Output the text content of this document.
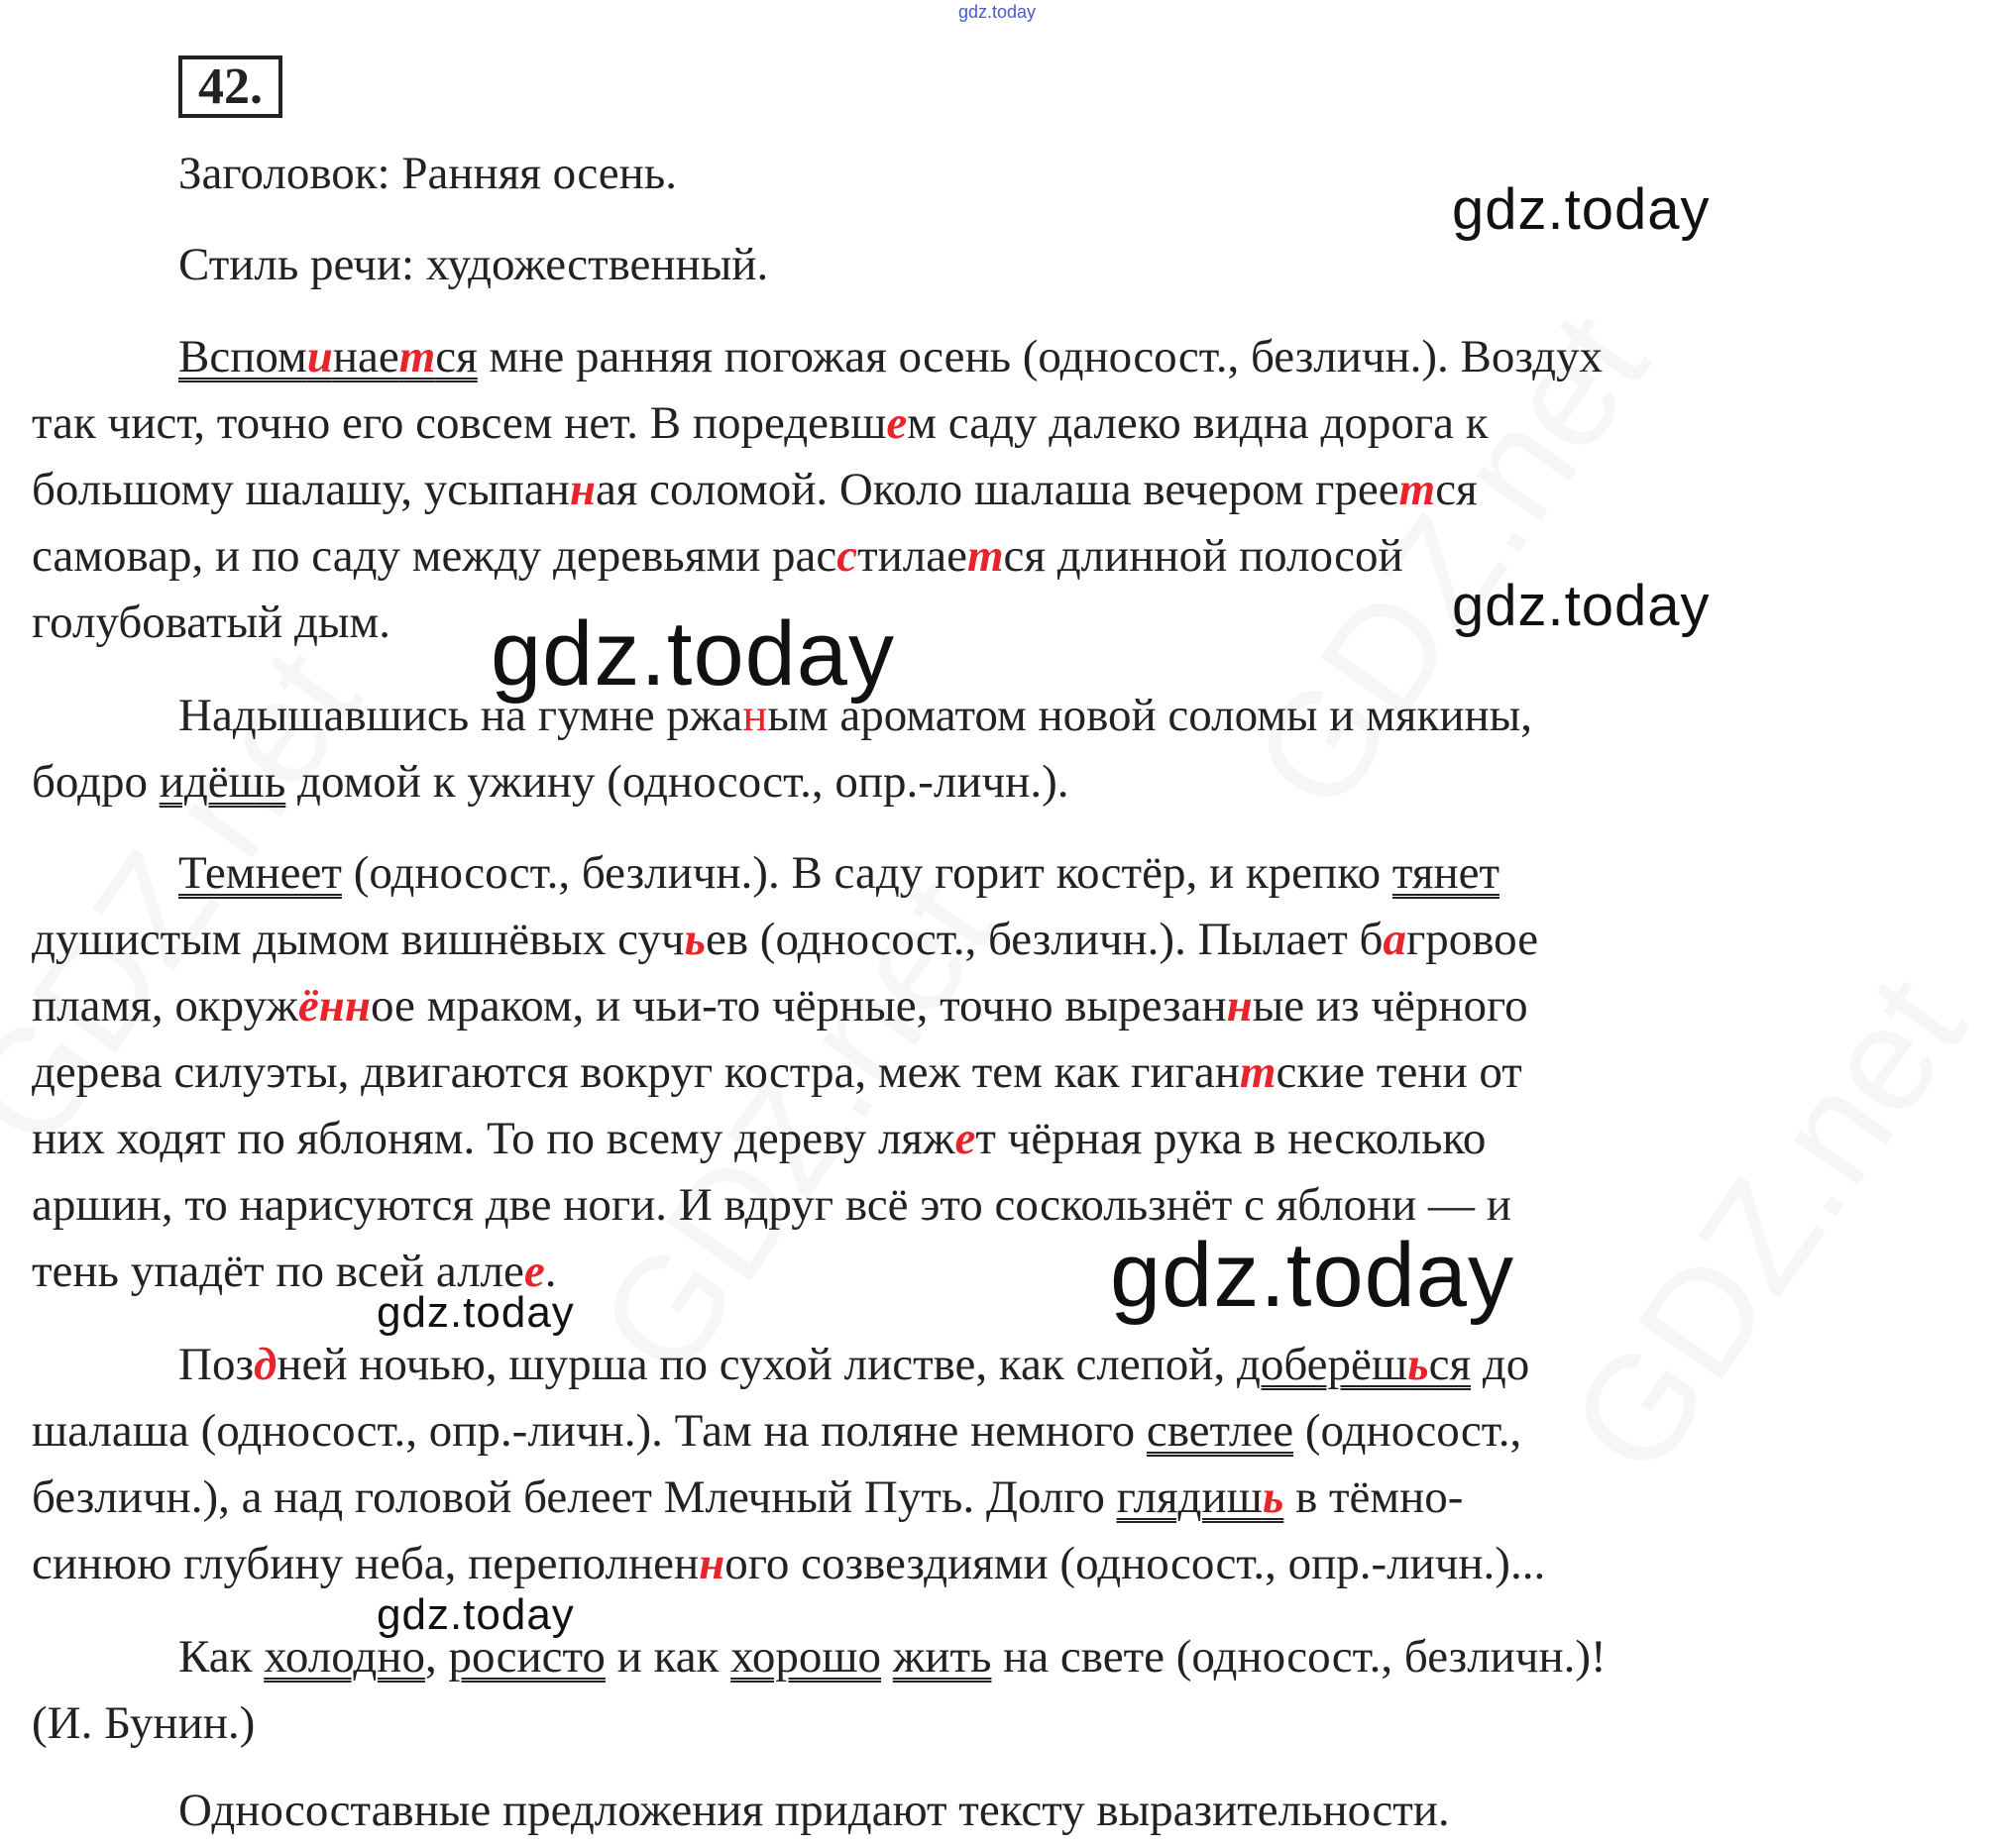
gdz.today
42.
Заголовок: Ранняя осень.
Стиль речи: художественный.
Вспоминается мне ранняя погожая осень (односост., безличн.). Воздух
так чист, точно его совсем нет. В поредевшем саду далеко видна дорога к
большому шалашу, усыпанная соломой. Около шалаша вечером греется
самовар, и по саду между деревьями расстилается длинной полосой
голубоватый дым.
Надышавшись на гумне ржаным ароматом новой соломы и мякины,
бодро идёшь домой к ужину (односост., опр.-личн.).
Темнеет (односост., безличн.). В саду горит костёр, и крепко тянет
душистым дымом вишнёвых сучьев (односост., безличн.). Пылает багровое
пламя, окружённое мраком, и чьи-то чёрные, точно вырезанные из чёрного
дерева силуэты, двигаются вокруг костра, меж тем как гигантские тени от
них ходят по яблоням. То по всему дереву ляжет чёрная рука в несколько
аршин, то нарисуются две ноги. И вдруг всё это соскользнёт с яблони — и
тень упадёт по всей аллее.
Поздней ночью, шурша по сухой листве, как слепой, доберёшься до
шалаша (односост., опр.-личн.). Там на поляне немного светлее (односост.,
безличн.), а над головой белеет Млечный Путь. Долго глядишь в тёмно-
синюю глубину неба, переполненного созвездиями (односост., опр.-личн.)...
Как холодно, росисто и как хорошо жить на свете (односост., безличн.)!
(И. Бунин.)
Односоставные предложения придают тексту выразительности.
gdz.today
gdz.today
gdz.today
gdz.today
gdz.today
gdz.today
